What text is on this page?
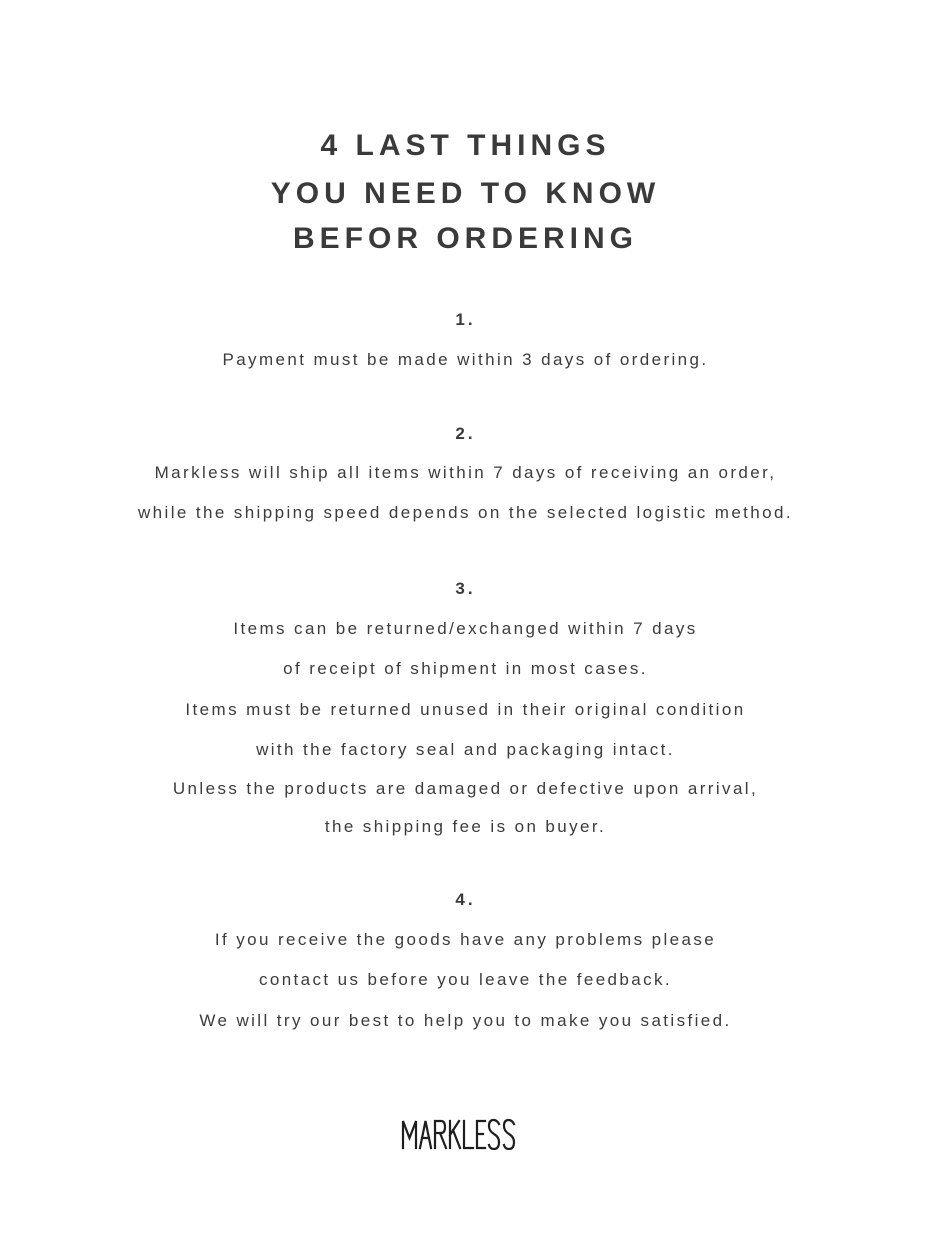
4 LAST THINGS
YOU NEED TO KNOW
BEFOR ORDERING
1.
Payment must be made within 3 days of ordering.
2.
Markless will ship all items within 7 days of receiving an order,
while the shipping speed depends on the selected logistic method.
3.
Items can be returned/exchanged within 7 days
of receipt of shipment in most cases.
Items must be returned unused in their original condition
with the factory seal and packaging intact.
Unless the products are damaged or defective upon arrival,
the shipping fee is on buyer.
4.
If you receive the goods have any problems please
contact us before you leave the feedback.
We will try our best to help you to make you satisfied.
